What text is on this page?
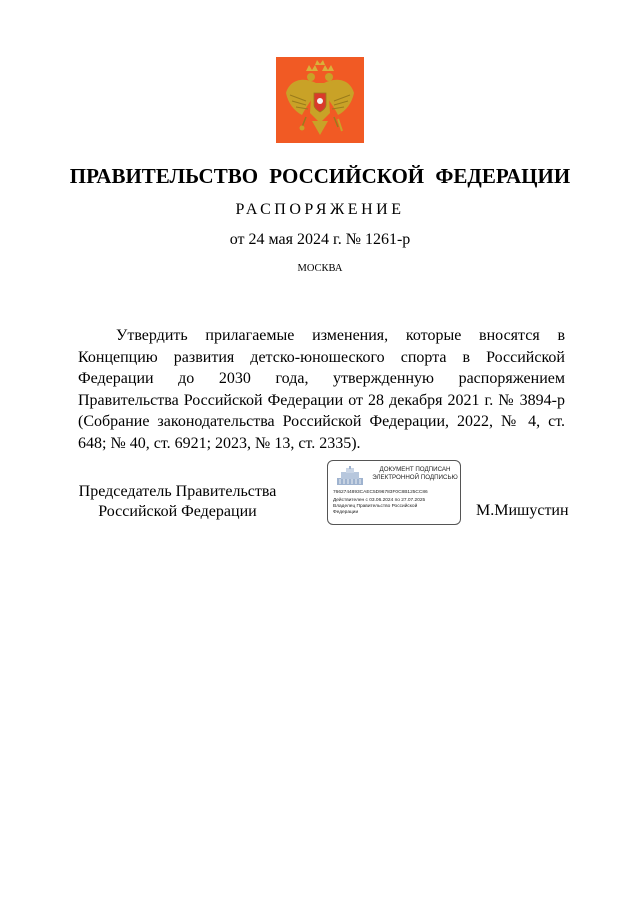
ПРАВИТЕЛЬСТВО РОССИЙСКОЙ ФЕДЕРАЦИИ
РАСПОРЯЖЕНИЕ
от 24 мая 2024 г. № 1261-р
МОСКВА

Утвердить прилагаемые изменения, которые вносятся в Концепцию развития детско-юношеского спорта в Российской Федерации до 2030 года, утвержденную распоряжением Правительства Российской Федерации от 28 декабря 2021 г. № 3894-р (Собрание законодательства Российской Федерации, 2022, № 4, ст. 648; № 40, ст. 6921; 2023, № 13, ст. 2335).

Председатель Правительства
Российской Федерации
ДОКУМЕНТ ПОДПИСАН
ЭЛЕКТРОННОЙ ПОДПИСЬЮ
7662744893CAEC5D96783F0C8B125CC86
Действителен с 03.06.2024 по 27.07.2025
Владелец Правительство Российской
Федерации	М.Мишустин
